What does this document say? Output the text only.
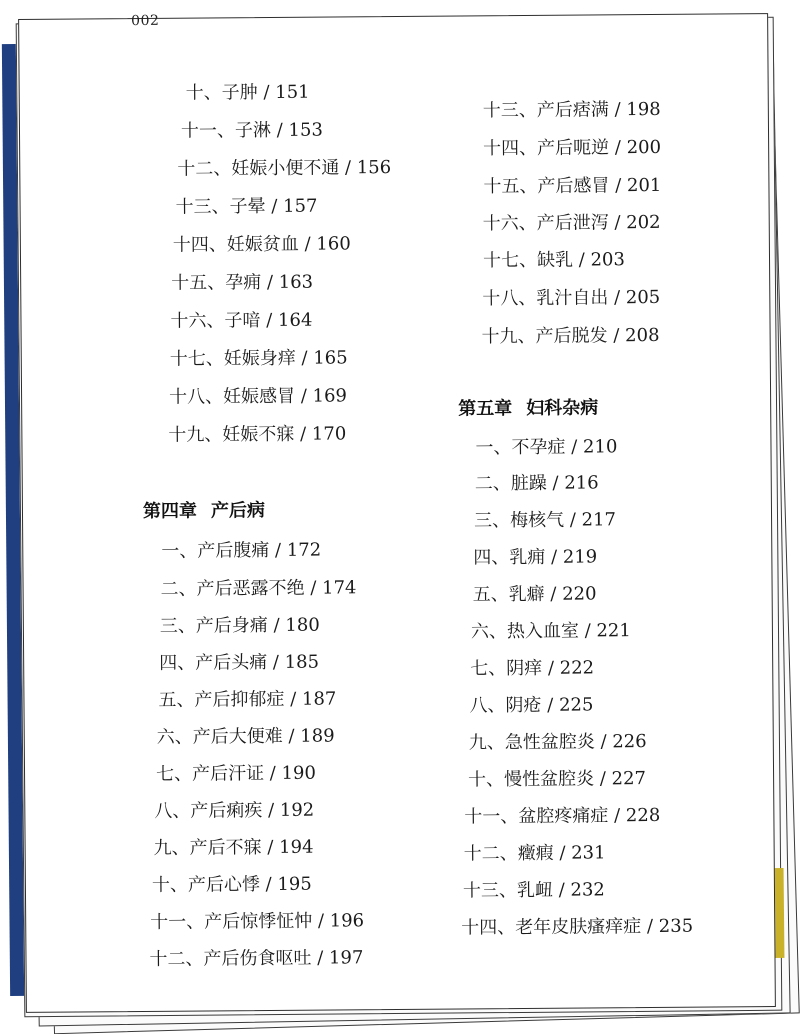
002
十、子肿 / 151
十一、子淋 / 153
十二、妊娠小便不通 / 156
十三、子晕 / 157
十四、妊娠贫血 / 160
十五、孕痈 / 163
十六、子喑 / 164
十七、妊娠身痒 / 165
十八、妊娠感冒 / 169
十九、妊娠不寐 / 170
第四章 产后病
一、产后腹痛 / 172
二、产后恶露不绝 / 174
三、产后身痛 / 180
四、产后头痛 / 185
五、产后抑郁症 / 187
六、产后大便难 / 189
七、产后汗证 / 190
八、产后痢疾 / 192
九、产后不寐 / 194
十、产后心悸 / 195
十一、产后惊悸怔忡 / 196
十二、产后伤食呕吐 / 197
十三、产后痞满 / 198
十四、产后呃逆 / 200
十五、产后感冒 / 201
十六、产后泄泻 / 202
十七、缺乳 / 203
十八、乳汁自出 / 205
十九、产后脱发 / 208
第五章 妇科杂病
一、不孕症 / 210
二、脏躁 / 216
三、梅核气 / 217
四、乳痈 / 219
五、乳癖 / 220
六、热入血室 / 221
七、阴痒 / 222
八、阴疮 / 225
九、急性盆腔炎 / 226
十、慢性盆腔炎 / 227
十一、盆腔疼痛症 / 228
十二、癥瘕 / 231
十三、乳衄 / 232
十四、老年皮肤瘙痒症 / 235
